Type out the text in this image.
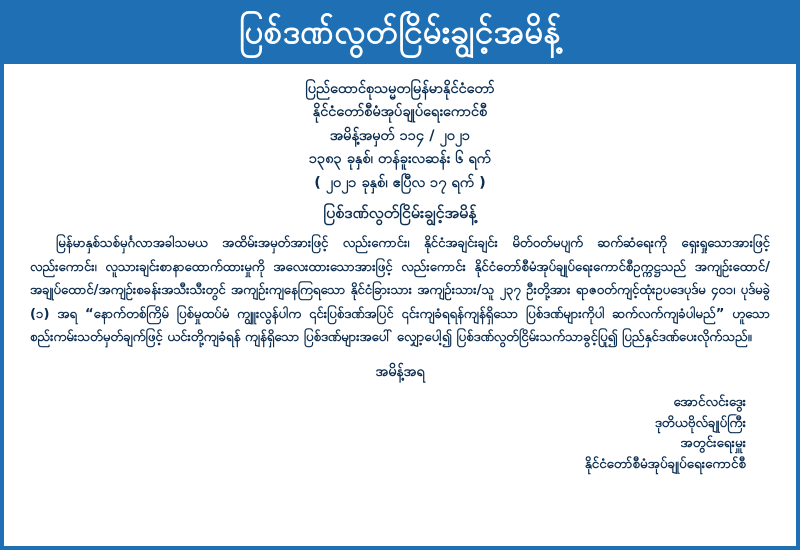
ပြစ်ဒဏ်လွတ်ငြိမ်းချွင့်အမိန့်
ပြည်ထောင်စုသမ္မတမြန်မာနိုင်ငံတော်
နိုင်ငံတော်စီမံအုပ်ချုပ်ရေးကောင်စီ
အမိန့်အမှတ် ၁၁၄ / ၂၀၂၁
၁၃၈၃ ခုနှစ်၊ တန်ခူးလဆန်း ၆ ရက်
( ၂၀၂၁ ခုနှစ်၊ ဧပြီလ ၁၇ ရက် )
ပြစ်ဒဏ်လွတ်ငြိမ်းချွင့်အမိန့်

မြန်မာနှစ်သစ်မှင်္ဂလာအခါသမယ အထိမ်းအမှတ်အားဖြင့် လည်းကောင်း၊ နိုင်ငံအချင်းချင်း မိတ်ဝတ်မပျက် ဆက်ဆံရေးကို ရှေးရှုသောအားဖြင့် လည်းကောင်း၊ လူသားချင်းစာနာထောက်ထားမှုကို အလေးထားသောအားဖြင့် လည်းကောင်း နိုင်ငံတော်စီမံအုပ်ချုပ်ရေးကောင်စီဥက္ကဋ္ဌသည် အကျဉ်းထောင်/ အချုပ်ထောင်/အကျဉ်းစခန်းအသီးသီးတွင် အကျဉ်းကျနေကြရသော နိုင်ငံခြားသား အကျဉ်းသား/သူ ၂၃၇ ဦးတို့အား ရာဇဝတ်ကျင့်ထုံးဥပဒေပုဒ်မ ၄၀၁၊ ပုဒ်မခွဲ (၁) အရ “နောက်တစ်ကြိမ် ပြစ်မှုထပ်မံ ကျွူးလွန်ပါက ၎င်းပြစ်ဒဏ်အပြင် ၎င်းကျခံရရန်ကျန်ရှိသော ပြစ်ဒဏ်များကိုပါ ဆက်လက်ကျခံပါမည်” ဟူသော စည်းကမ်းသတ်မှတ်ချက်ဖြင့် ယင်းတို့ကျခံရန် ကျန်ရှိသော ပြစ်ဒဏ်များအပေါ် လျှော့ပေါ့၍ ပြစ်ဒဏ်လွတ်ငြိမ်းသက်သာခွင့်ပြု၍ ပြည်နှင်ဒဏ်ပေးလိုက်သည်။

အမိန့်အရ
အောင်လင်းဒွေး
ဒုတိယဗိုလ်ချုပ်ကြီး
အတွင်းရေးမှူး
နိုင်ငံတော်စီမံအုပ်ချုပ်ရေးကောင်စီ
